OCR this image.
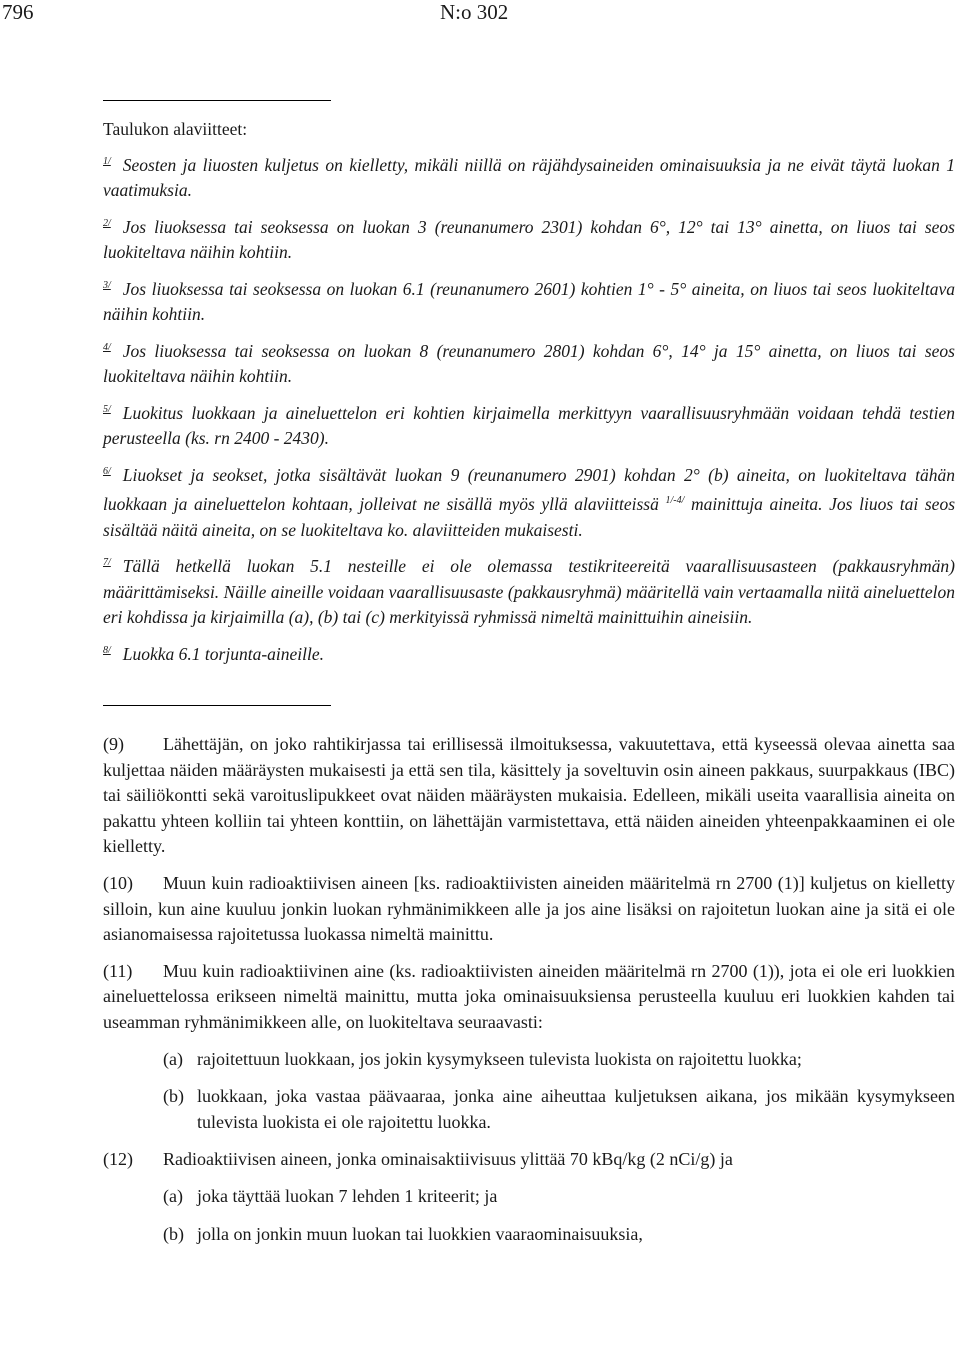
796	N:o 302
Taulukon alaviitteet:
$^{1/}$ Seosten ja liuosten kuljetus on kielletty, mikäli niillä on räjähdysaineiden ominaisuuksia ja ne eivät täytä luokan 1 vaatimuksia.
$^{2/}$ Jos liuoksessa tai seoksessa on luokan 3 (reunanumero 2301) kohdan 6°, 12° tai 13° ainetta, on liuos tai seos luokiteltava näihin kohtiin.
$^{3/}$ Jos liuoksessa tai seoksessa on luokan 6.1 (reunanumero 2601) kohtien 1° - 5° aineita, on liuos tai seos luokiteltava näihin kohtiin.
$^{4/}$ Jos liuoksessa tai seoksessa on luokan 8 (reunanumero 2801) kohdan 6°, 14° ja 15° ainetta, on liuos tai seos luokiteltava näihin kohtiin.
$^{5/}$ Luokitus luokkaan ja aineluettelon eri kohtien kirjaimella merkittyyn vaarallisuusryhmään voidaan tehdä testien perusteella (ks. rn 2400 - 2430).
$^{6/}$ Liuokset ja seokset, jotka sisältävät luokan 9 (reunanumero 2901) kohdan 2° (b) aineita, on luokiteltava tähän luokkaan ja aineluettelon kohtaan, jolleivat ne sisällä myös yllä alaviitteissä $^{1/-4/}$ mainittuja aineita. Jos liuos tai seos sisältää näitä aineita, on se luokiteltava ko. alaviitteiden mukaisesti.
$^{7/}$ Tällä hetkellä luokan 5.1 nesteille ei ole olemassa testikriteereitä vaarallisuusasteen (pakkausryhmän) määrittämiseksi. Näille aineille voidaan vaarallisuusaste (pakkausryhmä) määritellä vain vertaamalla niitä aineluettelon eri kohdissa ja kirjaimilla (a), (b) tai (c) merkityissä ryhmissä nimeltä mainittuihin aineisiin.
$^{8/}$ Luokka 6.1 torjunta-aineille.
(9) Lähettäjän, on joko rahtikirjassa tai erillisessä ilmoituksessa, vakuutettava, että kyseessä olevaa ainetta saa kuljettaa näiden määräysten mukaisesti ja että sen tila, käsittely ja soveltuvin osin aineen pakkaus, suurpakkaus (IBC) tai säiliökontti sekä varoituslipukkeet ovat näiden määräysten mukaisia. Edelleen, mikäli useita vaarallisia aineita on pakattu yhteen kolliin tai yhteen konttiin, on lähettäjän varmistettava, että näiden aineiden yhteenpakkaaminen ei ole kielletty.
(10) Muun kuin radioaktiivisen aineen [ks. radioaktiivisten aineiden määritelmä rn 2700 (1)] kuljetus on kielletty silloin, kun aine kuuluu jonkin luokan ryhmänimikkeen alle ja jos aine lisäksi on rajoitetun luokan aine ja sitä ei ole asianomaisessa rajoitetussa luokassa nimeltä mainittu.
(11) Muu kuin radioaktiivinen aine (ks. radioaktiivisten aineiden määritelmä rn 2700 (1)), jota ei ole eri luokkien aineluettelossa erikseen nimeltä mainittu, mutta joka ominaisuuksiensa perusteella kuuluu eri luokkien kahden tai useamman ryhmänimikkeen alle, on luokiteltava seuraavasti:
(a) rajoitettuun luokkaan, jos jokin kysymykseen tulevista luokista on rajoitettu luokka;
(b) luokkaan, joka vastaa päävaaraa, jonka aine aiheuttaa kuljetuksen aikana, jos mikään kysymykseen tulevista luokista ei ole rajoitettu luokka.
(12) Radioaktiivisen aineen, jonka ominaisaktiivisuus ylittää 70 kBq/kg (2 nCi/g) ja
(a) joka täyttää luokan 7 lehden 1 kriteerit; ja
(b) jolla on jonkin muun luokan tai luokkien vaaraominaisuuksia,
